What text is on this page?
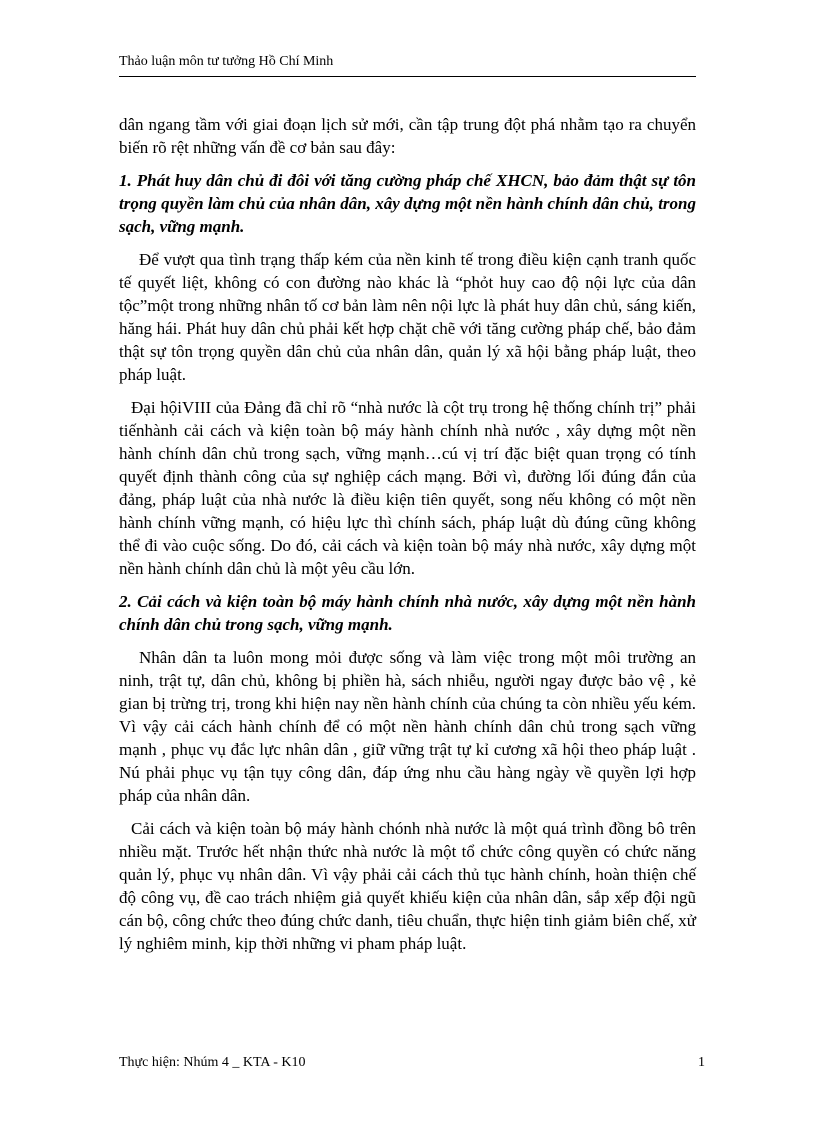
Thảo luận môn tư tưởng Hồ Chí Minh

dân ngang tầm với giai đoạn lịch sử mới, cần tập trung đột phá nhằm tạo ra chuyển biến rõ rệt những vấn đề cơ bản sau đây:

1. Phát huy dân chủ đi đôi với tăng cường pháp chế XHCN, bảo đảm thật sự tôn trọng quyền làm chủ của nhân dân, xây dựng một nền hành chính dân chủ, trong sạch, vững mạnh.

Để vượt qua tình trạng thấp kém của nền kinh tế trong điều kiện cạnh tranh quốc tế quyết liệt, không có con đường nào khác là “phỏt huy cao độ nội lực của dân tộc”một trong những nhân tố cơ bản làm nên nội lực là phát huy dân chủ, sáng kiến, hăng hái. Phát huy dân chủ phải kết hợp chặt chẽ với tăng cường pháp chế, bảo đảm thật sự tôn trọng quyền dân chủ của nhân dân, quản lý xã hội bằng pháp luật, theo pháp luật.

Đại hộiVIII của Đảng đã chỉ rõ “nhà nước là cột trụ trong hệ thống chính trị” phải tiếnhành cải cách và kiện toàn bộ máy hành chính nhà nước , xây dựng một nền hành chính dân chủ trong sạch, vững mạnh…cú vị trí đặc biệt quan trọng có tính quyết định thành công của sự nghiệp cách mạng. Bởi vì, đường lối đúng đắn của đảng, pháp luật của nhà nước là điều kiện tiên quyết, song nếu không có một nền hành chính vững mạnh, có hiệu lực thì chính sách, pháp luật dù đúng cũng không thể đi vào cuộc sống. Do đó, cải cách và kiện toàn bộ máy nhà nước, xây dựng một nền hành chính dân chủ là một yêu cầu lớn.

2. Cải cách và kiện toàn bộ máy hành chính nhà nước, xây dựng một nền hành chính dân chủ trong sạch, vững mạnh.

Nhân dân ta luôn mong mỏi được sống và làm việc trong một môi trường an ninh, trật tự, dân chủ, không bị phiền hà, sách nhiễu, người ngay được bảo vệ , kẻ gian bị trừng trị, trong khi hiện nay nền hành chính của chúng ta còn nhiều yếu kém. Vì vậy cải cách hành chính để có một nền hành chính dân chủ trong sạch vững mạnh , phục vụ đắc lực nhân dân , giữ vững trật tự kỉ cương xã hội theo pháp luật . Nú phải phục vụ tận tụy công dân, đáp ứng nhu cầu hàng ngày về quyền lợi hợp pháp của nhân dân.

Cải cách và kiện toàn bộ máy hành chónh nhà nước là một quá trình đồng bô trên nhiều mặt. Trước hết nhận thức nhà nước là một tổ chức công quyền có chức năng quản lý, phục vụ nhân dân. Vì vậy phải cải cách thủ tục hành chính, hoàn thiện chế độ công vụ, đề cao trách nhiệm giả quyết khiếu kiện của nhân dân, sắp xếp đội ngũ cán bộ, công chức theo đúng chức danh, tiêu chuẩn, thực hiện tinh giảm biên chế, xử lý nghiêm minh, kịp thời những vi pham pháp luật.

Thực hiện: Nhúm 4 _ KTA - K10	1
